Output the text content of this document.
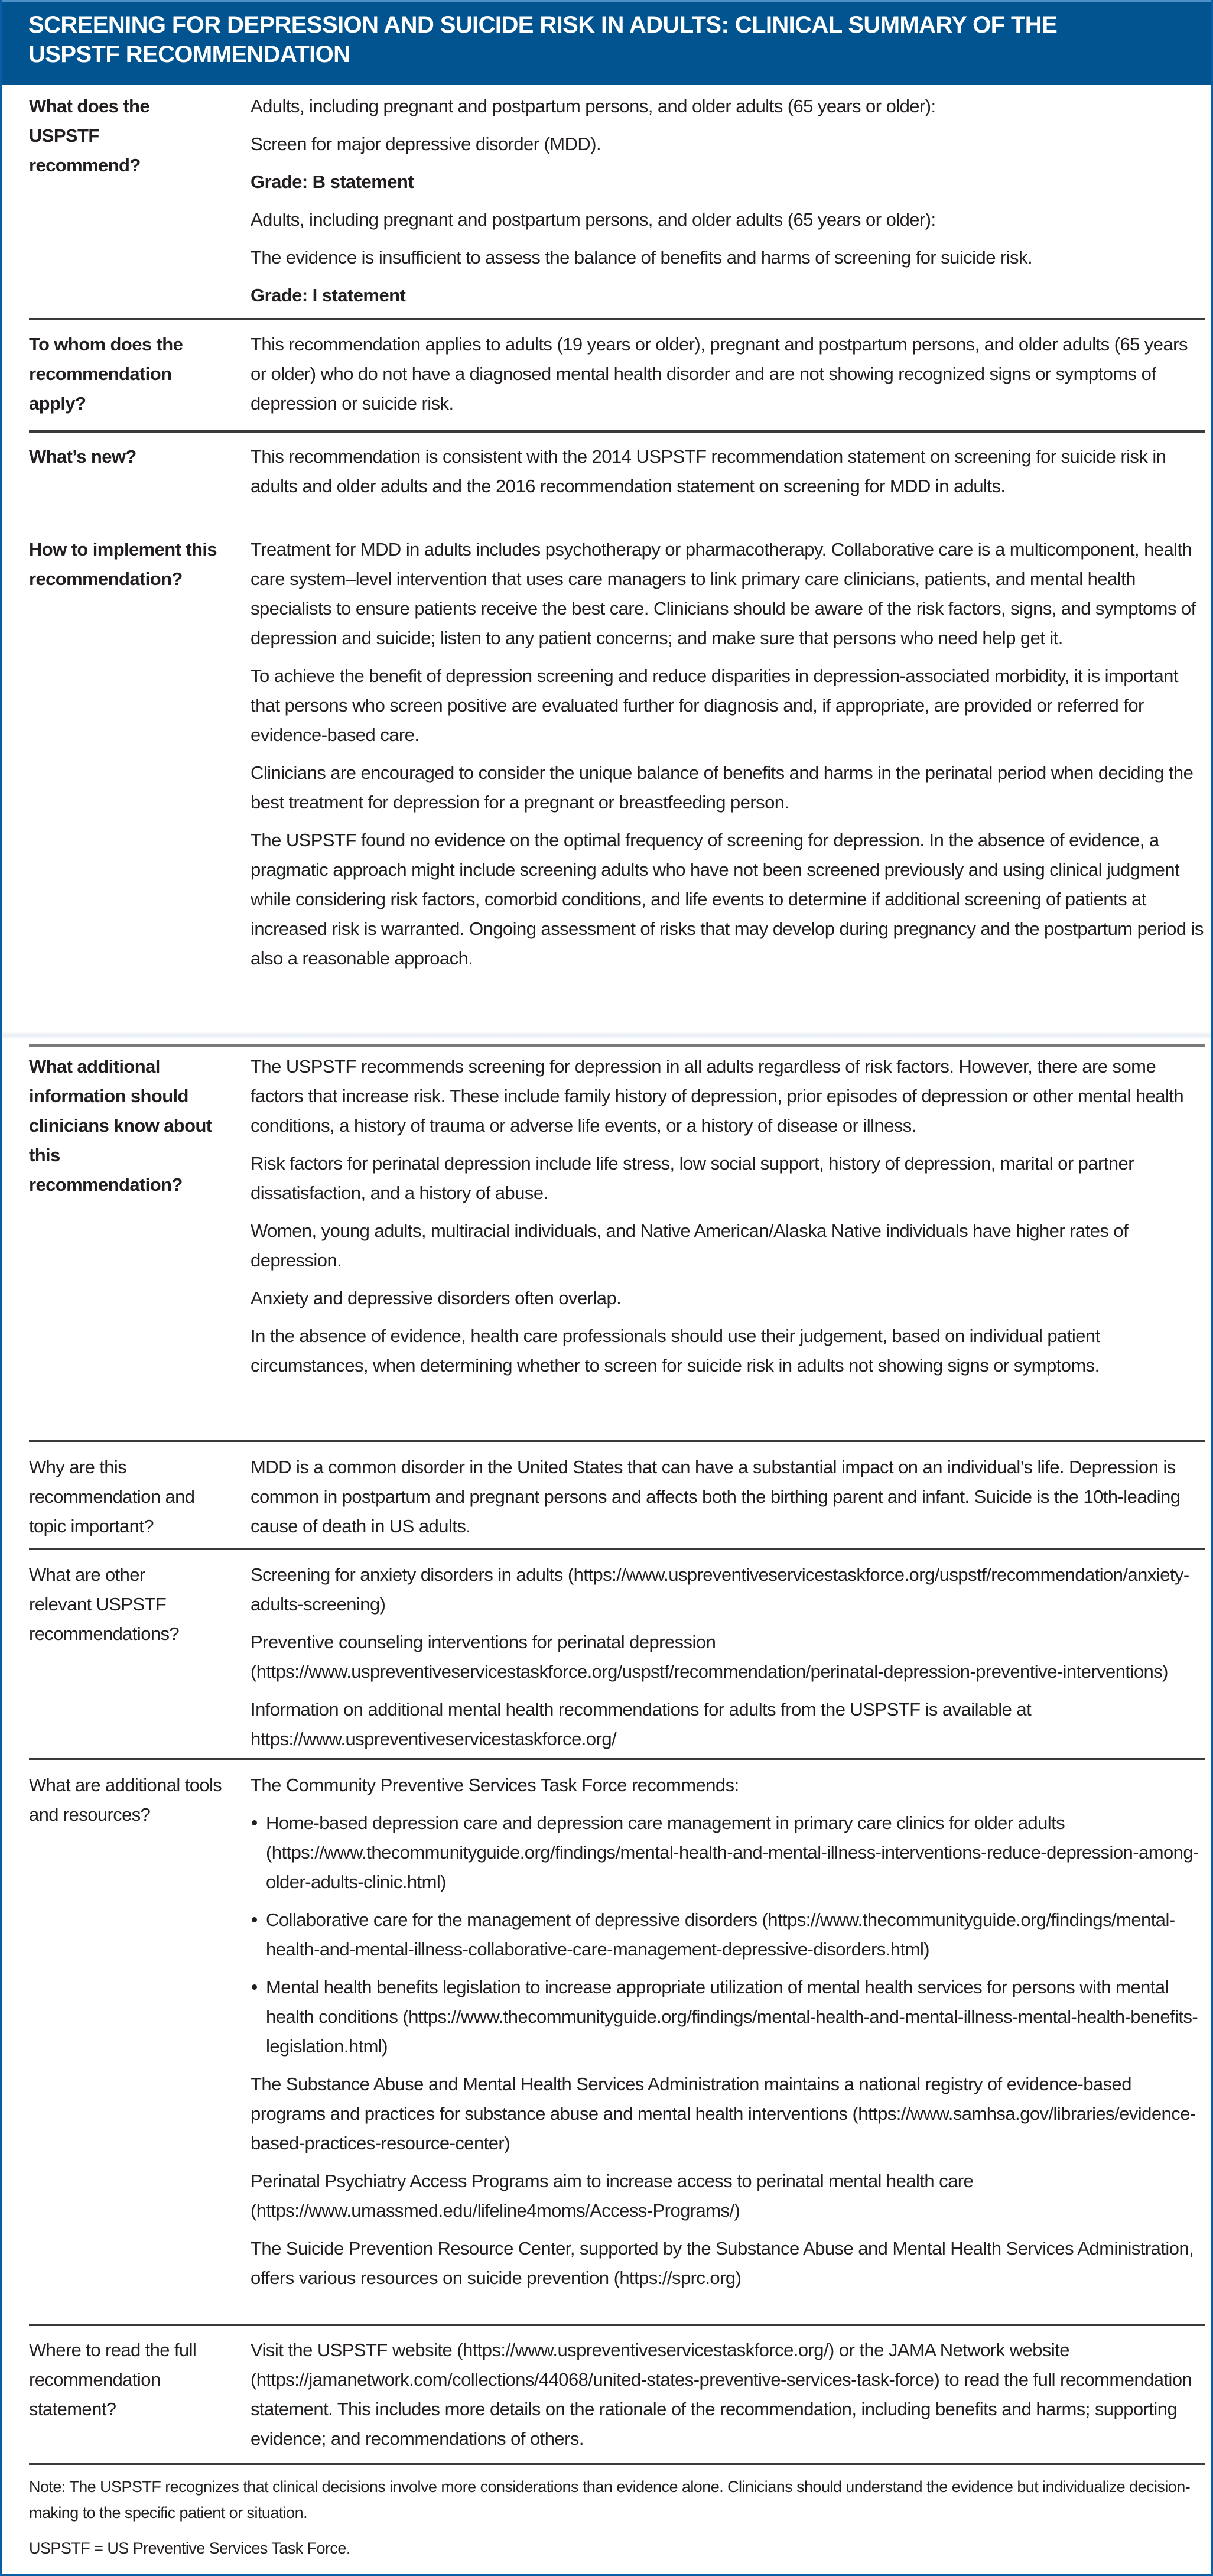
SCREENING FOR DEPRESSION AND SUICIDE RISK IN ADULTS: CLINICAL SUMMARY OF THE USPSTF RECOMMENDATION
What does the USPSTF recommend?

Adults, including pregnant and postpartum persons, and older adults (65 years or older):

Screen for major depressive disorder (MDD).

Grade: B statement

Adults, including pregnant and postpartum persons, and older adults (65 years or older):

The evidence is insufficient to assess the balance of benefits and harms of screening for suicide risk.

Grade: I statement

To whom does the recommendation apply?

This recommendation applies to adults (19 years or older), pregnant and postpartum persons, and older adults (65 years or older) who do not have a diagnosed mental health disorder and are not showing recognized signs or symptoms of depression or suicide risk.

What’s new?	This recommendation is consistent with the 2014 USPSTF recommendation statement on screening for suicide risk in adults and older adults and the 2016 recommendation statement on screening for MDD in adults.

How to implement this recommendation?

Treatment for MDD in adults includes psychotherapy or pharmacotherapy. Collaborative care is a multicomponent, health care system–level intervention that uses care managers to link primary care clinicians, patients, and mental health specialists to ensure patients receive the best care. Clinicians should be aware of the risk factors, signs, and symptoms of depression and suicide; listen to any patient concerns; and make sure that persons who need help get it.

To achieve the benefit of depression screening and reduce disparities in depression-associated morbidity, it is important that persons who screen positive are evaluated further for diagnosis and, if appropriate, are provided or referred for evidence-based care.

Clinicians are encouraged to consider the unique balance of benefits and harms in the perinatal period when deciding the best treatment for depression for a pregnant or breastfeeding person.

The USPSTF found no evidence on the optimal frequency of screening for depression. In the absence of evidence, a pragmatic approach might include screening adults who have not been screened previously and using clinical judgment while considering risk factors, comorbid conditions, and life events to determine if additional screening of patients at increased risk is warranted. Ongoing assessment of risks that may develop during pregnancy and the postpartum period is also a reasonable approach.

What additional information should clinicians know about this recommendation?

The USPSTF recommends screening for depression in all adults regardless of risk factors. However, there are some factors that increase risk. These include family history of depression, prior episodes of depression or other mental health conditions, a history of trauma or adverse life events, or a history of disease or illness.

Risk factors for perinatal depression include life stress, low social support, history of depression, marital or partner dissatisfaction, and a history of abuse.

Women, young adults, multiracial individuals, and Native American/Alaska Native individuals have higher rates of depression.

Anxiety and depressive disorders often overlap.

In the absence of evidence, health care professionals should use their judgement, based on individual patient circumstances, when determining whether to screen for suicide risk in adults not showing signs or symptoms.

Why are this recommendation and topic important?

MDD is a common disorder in the United States that can have a substantial impact on an individual’s life. Depression is common in postpartum and pregnant persons and affects both the birthing parent and infant. Suicide is the 10th-leading cause of death in US adults.

What are other relevant USPSTF recommendations?

Screening for anxiety disorders in adults (https://www.uspreventiveservicestaskforce.org/uspstf/recommendation/anxiety-adults-screening)

Preventive counseling interventions for perinatal depression (https://www.uspreventiveservicestaskforce.org/uspstf/recommendation/perinatal-depression-preventive-interventions)

Information on additional mental health recommendations for adults from the USPSTF is available at https://www.uspreventiveservicestaskforce.org/

What are additional tools and resources?

The Community Preventive Services Task Force recommends:

Home-based depression care and depression care management in primary care clinics for older adults (https://www.thecommunityguide.org/findings/mental-health-and-mental-illness-interventions-reduce-depression-among-older-adults-clinic.html)
Collaborative care for the management of depressive disorders (https://www.thecommunityguide.org/findings/mental-health-and-mental-illness-collaborative-care-management-depressive-disorders.html)
Mental health benefits legislation to increase appropriate utilization of mental health services for persons with mental health conditions (https://www.thecommunityguide.org/findings/mental-health-and-mental-illness-mental-health-benefits-legislation.html)

The Substance Abuse and Mental Health Services Administration maintains a national registry of evidence-based programs and practices for substance abuse and mental health interventions (https://www.samhsa.gov/libraries/evidence-based-practices-resource-center)

Perinatal Psychiatry Access Programs aim to increase access to perinatal mental health care (https://www.umassmed.edu/lifeline4moms/Access-Programs/)

The Suicide Prevention Resource Center, supported by the Substance Abuse and Mental Health Services Administration, offers various resources on suicide prevention (https://sprc.org)

Where to read the full recommendation statement?

Visit the USPSTF website (https://www.uspreventiveservicestaskforce.org/) or the JAMA Network website (https://jamanetwork.com/collections/44068/united-states-preventive-services-task-force) to read the full recommendation statement. This includes more details on the rationale of the recommendation, including benefits and harms; supporting evidence; and recommendations of others.

Note: The USPSTF recognizes that clinical decisions involve more considerations than evidence alone. Clinicians should understand the evidence but individualize decision-making to the specific patient or situation.
USPSTF = US Preventive Services Task Force.
